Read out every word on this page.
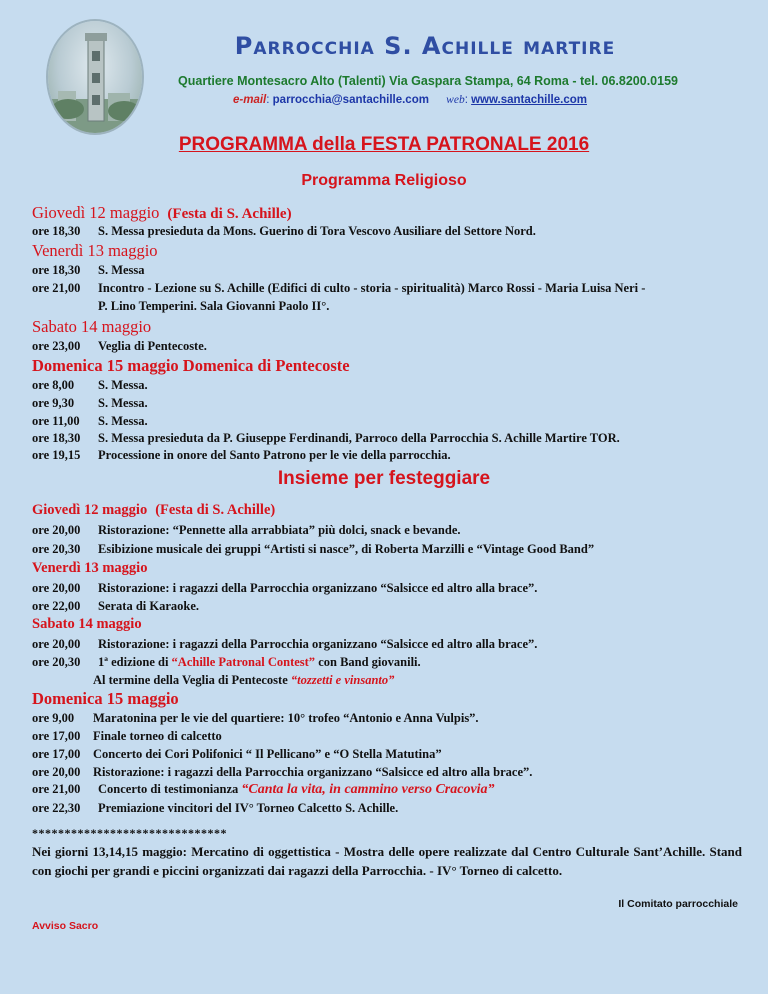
Parrocchia S. Achille martire
Quartiere Montesacro Alto (Talenti) Via Gaspara Stampa, 64 Roma - tel. 06.8200.0159
e-mail: parrocchia@santachille.com web: www.santachille.com
PROGRAMMA della FESTA PATRONALE 2016
Programma Religioso
Giovedì 12 maggio (Festa di S. Achille)
ore 18,30 S. Messa presieduta da Mons. Guerino di Tora Vescovo Ausiliare del Settore Nord.
Venerdì 13 maggio
ore 18,30 S. Messa
ore 21,00 Incontro - Lezione su S. Achille (Edifici di culto - storia - spiritualità) Marco Rossi - Maria Luisa Neri -
P. Lino Temperini. Sala Giovanni Paolo II°.
Sabato 14 maggio
ore 23,00 Veglia di Pentecoste.
Domenica 15 maggio Domenica di Pentecoste
ore 8,00 S. Messa.
ore 9,30 S. Messa.
ore 11,00 S. Messa.
ore 18,30 S. Messa presieduta da P. Giuseppe Ferdinandi, Parroco della Parrocchia S. Achille Martire TOR.
ore 19,15 Processione in onore del Santo Patrono per le vie della parrocchia.
Insieme per festeggiare
Giovedì 12 maggio (Festa di S. Achille)
ore 20,00 Ristorazione: “Pennette alla arrabbiata” più dolci, snack e bevande.
ore 20,30 Esibizione musicale dei gruppi “Artisti si nasce”, di Roberta Marzilli e “Vintage Good Band”
Venerdì 13 maggio
ore 20,00 Ristorazione: i ragazzi della Parrocchia organizzano “Salsicce ed altro alla brace”.
ore 22,00 Serata di Karaoke.
Sabato 14 maggio
ore 20,00 Ristorazione: i ragazzi della Parrocchia organizzano “Salsicce ed altro alla brace”.
ore 20,30 1ª edizione di “Achille Patronal Contest” con Band giovanili.
Al termine della Veglia di Pentecoste “tozzetti e vinsanto”
Domenica 15 maggio
ore 9,00 Maratonina per le vie del quartiere: 10° trofeo “Antonio e Anna Vulpis”.
ore 17,00 Finale torneo di calcetto
ore 17,00 Concerto dei Cori Polifonici “ Il Pellicano” e “O Stella Matutina”
ore 20,00 Ristorazione: i ragazzi della Parrocchia organizzano “Salsicce ed altro alla brace”.
ore 21,00 Concerto di testimonianza “Canta la vita, in cammino verso Cracovia”
ore 22,30 Premiazione vincitori del IV° Torneo Calcetto S. Achille.
******************************
Nei giorni 13,14,15 maggio: Mercatino di oggettistica - Mostra delle opere realizzate dal Centro Culturale Sant’Achille. Stand con giochi per grandi e piccini organizzati dai ragazzi della Parrocchia. - IV° Torneo di calcetto.
Il Comitato parrocchiale
Avviso Sacro
